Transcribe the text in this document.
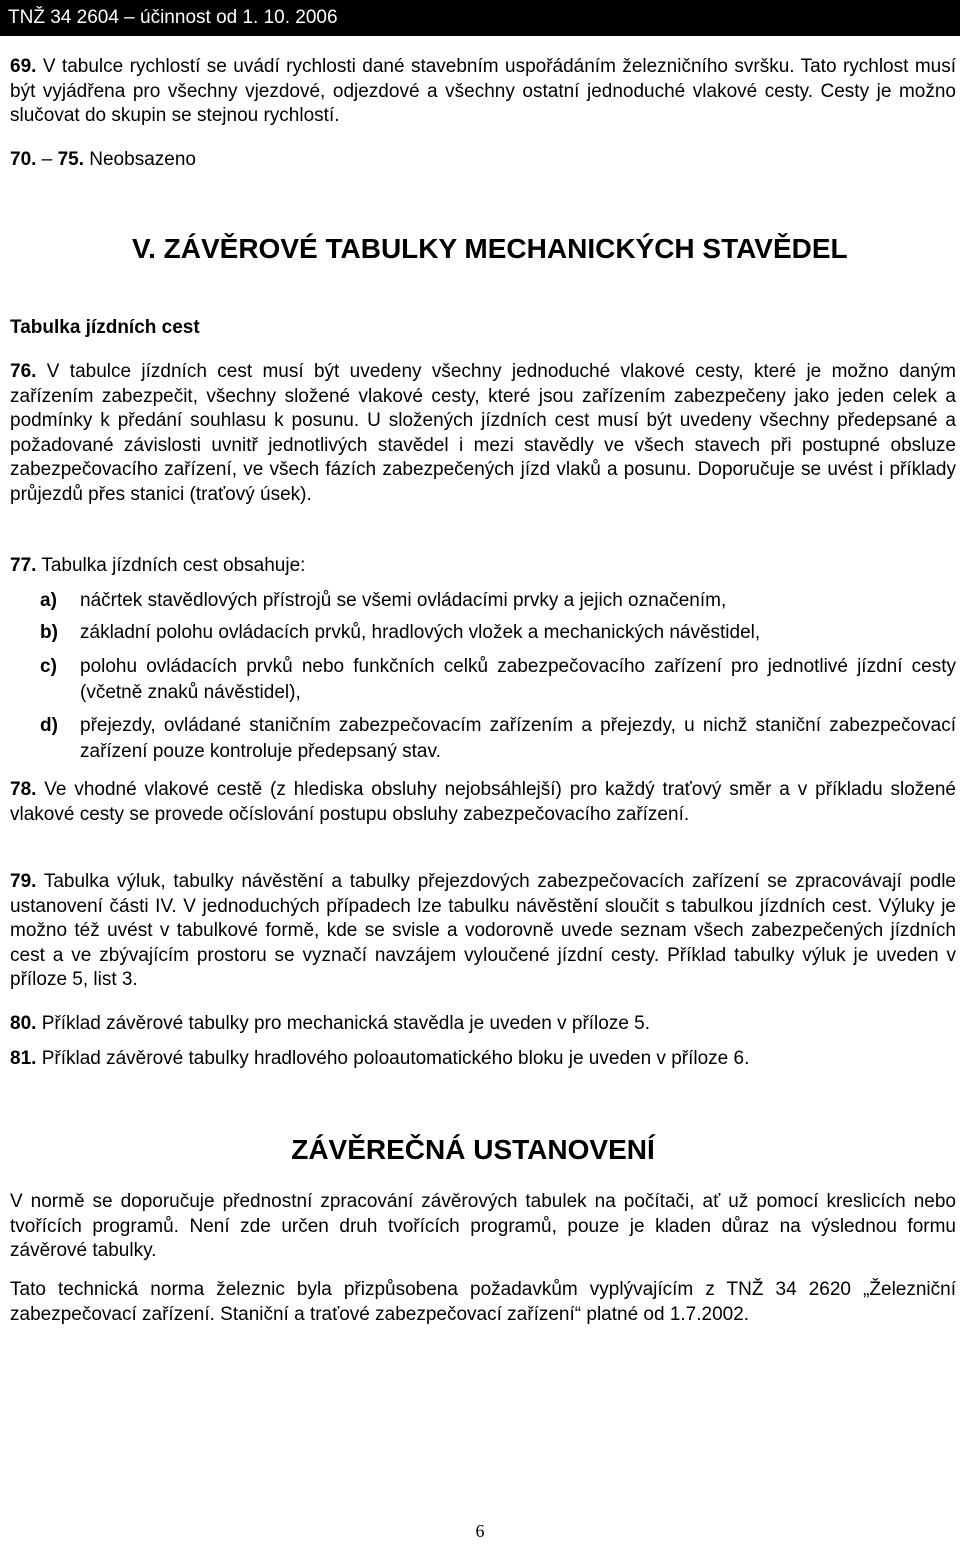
TNŽ 34 2604 – účinnost od 1. 10. 2006
69. V tabulce rychlostí se uvádí rychlosti dané stavebním uspořádáním železničního svršku. Tato rychlost musí být vyjádřena pro všechny vjezdové, odjezdové a všechny ostatní jednoduché vlakové cesty. Cesty je možno slučovat do skupin se stejnou rychlostí.
70. – 75. Neobsazeno
V. ZÁVĚROVÉ TABULKY MECHANICKÝCH STAVĚDEL
Tabulka jízdních cest
76. V tabulce jízdních cest musí být uvedeny všechny jednoduché vlakové cesty, které je možno daným zařízením zabezpečit, všechny složené vlakové cesty, které jsou zařízením zabezpečeny jako jeden celek a podmínky k předání souhlasu k posunu. U složených jízdních cest musí být uvedeny všechny předepsané a požadované závislosti uvnitř jednotlivých stavědel i mezi stavědly ve všech stavech při postupné obsluze zabezpečovacího zařízení, ve všech fázích zabezpečených jízd vlaků a posunu. Doporučuje se uvést i příklady průjezdů přes stanici (traťový úsek).
77. Tabulka jízdních cest obsahuje:
a) náčrtek stavědlových přístrojů se všemi ovládacími prvky a jejich označením,
b) základní polohu ovládacích prvků, hradlových vložek a mechanických návěstidel,
c) polohu ovládacích prvků nebo funkčních celků zabezpečovacího zařízení pro jednotlivé jízdní cesty (včetně znaků návěstidel),
d) přejezdy, ovládané staničním zabezpečovacím zařízením a přejezdy, u nichž staniční zabezpečovací zařízení pouze kontroluje předepsaný stav.
78. Ve vhodné vlakové cestě (z hlediska obsluhy nejobsáhlejší) pro každý traťový směr a v příkladu složené vlakové cesty se provede očíslování postupu obsluhy zabezpečovacího zařízení.
79. Tabulka výluk, tabulky návěstění a tabulky přejezdových zabezpečovacích zařízení se zpracovávají podle ustanovení části IV. V jednoduchých případech lze tabulku návěstění sloučit s tabulkou jízdních cest. Výluky je možno též uvést v tabulkové formě, kde se svisle a vodorovně uvede seznam všech zabezpečených jízdních cest a ve zbývajícím prostoru se vyznačí navzájem vyloučené jízdní cesty. Příklad tabulky výluk je uveden v příloze 5, list 3.
80. Příklad závěrové tabulky pro mechanická stavědla je uveden v příloze 5.
81. Příklad závěrové tabulky hradlového poloautomatického bloku je uveden v příloze 6.
ZÁVĚREČNÁ USTANOVENÍ
V normě se doporučuje přednostní zpracování závěrových tabulek na počítači, ať už pomocí kreslicích nebo tvořících programů. Není zde určen druh tvořících programů, pouze je kladen důraz na výslednou formu závěrové tabulky.
Tato technická norma železnic byla přizpůsobena požadavkům vyplývajícím z TNŽ 34 2620 „Železniční zabezpečovací zařízení. Staniční a traťové zabezpečovací zařízení“ platné od 1.7.2002.
6
